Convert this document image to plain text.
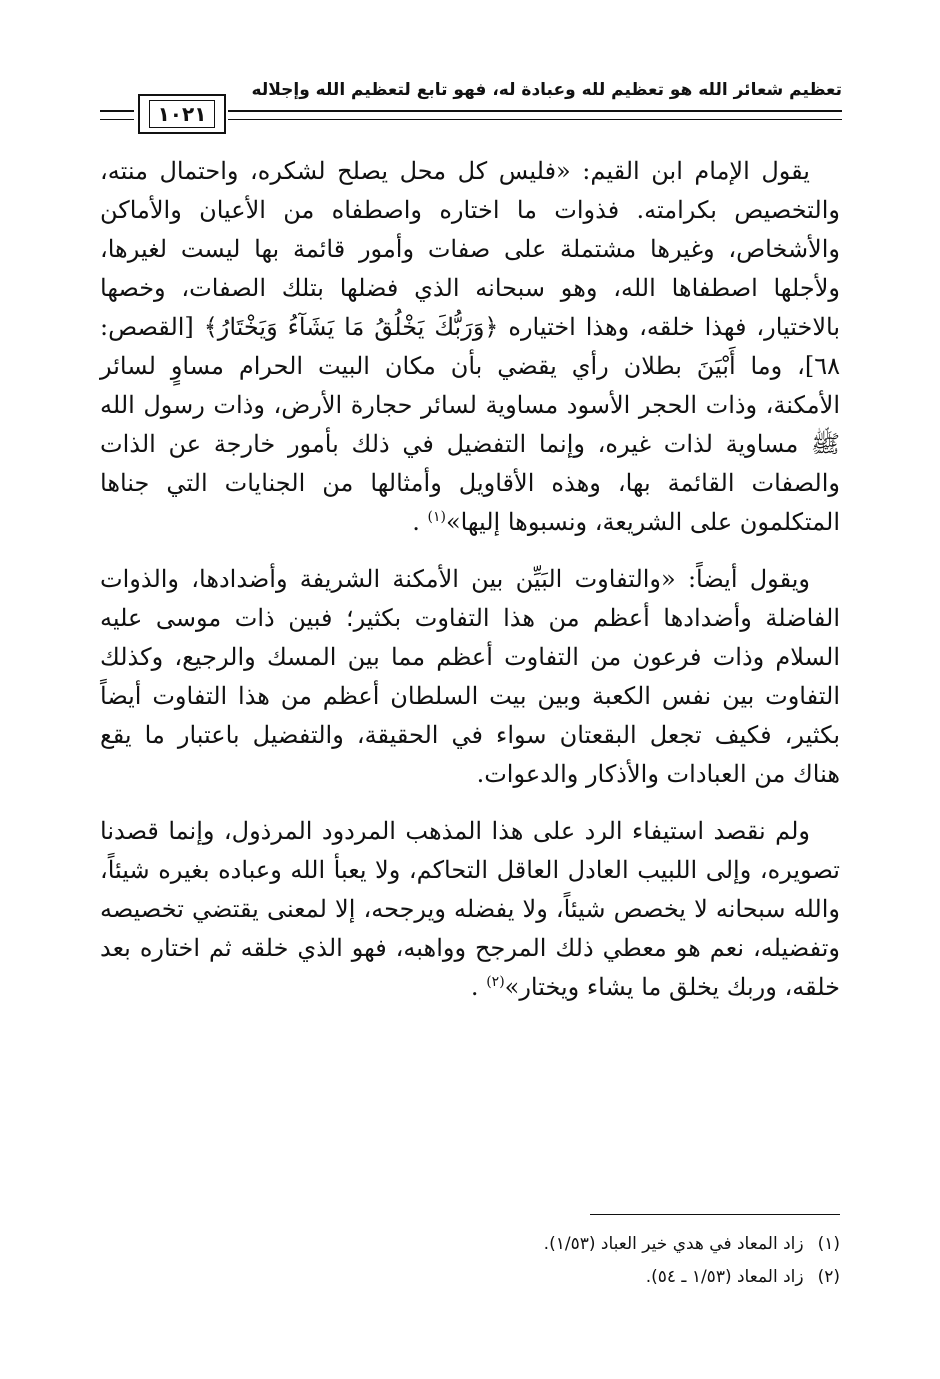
تعظيم شعائر الله هو تعظيم لله وعبادة له، فهو تابع لتعظيم الله وإجلاله
١٠٢١

يقول الإمام ابن القيم: «فليس كل محل يصلح لشكره، واحتمال منته، والتخصيص بكرامته. فذوات ما اختاره واصطفاه من الأعيان والأماكن والأشخاص، وغيرها مشتملة على صفات وأمور قائمة بها ليست لغيرها، ولأجلها اصطفاها الله، وهو سبحانه الذي فضلها بتلك الصفات، وخصها بالاختيار، فهذا خلقه، وهذا اختياره ﴿وَرَبُّكَ يَخْلُقُ مَا يَشَآءُ وَيَخْتَارُ﴾ [القصص: ٦٨]، وما أَبْيَنَ بطلان رأي يقضي بأن مكان البيت الحرام مساوٍ لسائر الأمكنة، وذات الحجر الأسود مساوية لسائر حجارة الأرض، وذات رسول الله ﷺ مساوية لذات غيره، وإنما التفضيل في ذلك بأمور خارجة عن الذات والصفات القائمة بها، وهذه الأقاويل وأمثالها من الجنايات التي جناها المتكلمون على الشريعة، ونسبوها إليها»$^{(١)}$ .

ويقول أيضاً: «والتفاوت البَيِّن بين الأمكنة الشريفة وأضدادها، والذوات الفاضلة وأضدادها أعظم من هذا التفاوت بكثير؛ فبين ذات موسى عليه السلام وذات فرعون من التفاوت أعظم مما بين المسك والرجيع، وكذلك التفاوت بين نفس الكعبة وبين بيت السلطان أعظم من هذا التفاوت أيضاً بكثير، فكيف تجعل البقعتان سواء في الحقيقة، والتفضيل باعتبار ما يقع هناك من العبادات والأذكار والدعوات.

ولم نقصد استيفاء الرد على هذا المذهب المردود المرذول، وإنما قصدنا تصويره، وإلى اللبيب العادل العاقل التحاكم، ولا يعبأ الله وعباده بغيره شيئاً، والله سبحانه لا يخصص شيئاً، ولا يفضله ويرجحه، إلا لمعنى يقتضي تخصيصه وتفضيله، نعم هو معطي ذلك المرجح وواهبه، فهو الذي خلقه ثم اختاره بعد خلقه، وربك يخلق ما يشاء ويختار»$^{(٢)}$ .

(١)زاد المعاد في هدي خير العباد (١/٥٣).

(٢)زاد المعاد (١/٥٣ ـ ٥٤).
